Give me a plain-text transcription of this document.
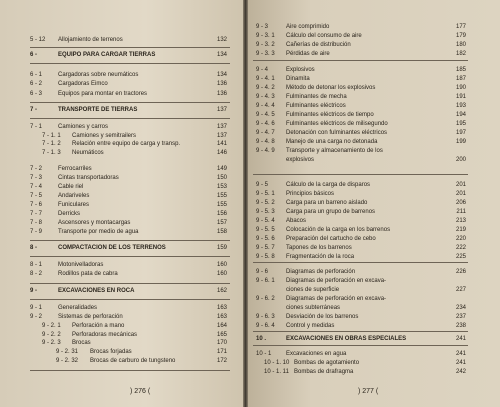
5 - 12 Allojamiento de terrenos	132
6 -	EQUIPO PARA CARGAR TIERRAS	134
6 - 1	Cargadoras sobre neumáticos	134
6 - 2	Cargadoras Eimco	136
6 - 3	Equipos para montar en tractores	136
7 -	TRANSPORTE DE TIERRAS	137
7 - 1	Camiones y carros	137
7 - 1. 1 Camiones y semitrailers	137
7 - 1. 2 Relación entre equipo de carga y transp.	141
7 - 1. 3 Neumáticos	146
7 - 2	Ferrocarriles	149
7 - 3	Cintas transportadoras	150
7 - 4	Cable riel	153
7 - 5	Andariveles	155
7 - 6	Funiculares	155
7 - 7	Derricks	156
7 - 8	Ascensores y montacargas	157
7 - 9	Transporte por medio de agua	158
8 -	COMPACTACION DE LOS TERRENOS	159
8 - 1	Motonivelladoras	160
8 - 2	Rodillos pata de cabra	160
9 -	EXCAVACIONES EN ROCA	162
9 - 1	Generalidades	163
9 - 2	Sistemas de perforación	163
9 - 2. 1 Perforación a mano	164
9 - 2. 2 Perforadoras mecánicas	165
9 - 2. 3 Brocas	170
9 - 2. 31 Brocas forjadas	171
9 - 2. 32 Brocas de carburo de tungsteno	172
) 276 (
9 - 3	Aire comprimido	177
9 - 3. 1 Cálculo del consumo de aire	179
9 - 3. 2 Cañerías de distribución	180
9 - 3. 3 Pérdidas de aire	182
9 - 4	Explosivos	185
9 - 4. 1 Dinamita	187
9 - 4. 2 Método de detonar los explosivos	190
9 - 4. 3 Fulminantes de mecha	191
9 - 4. 4 Fulminantes eléctricos	193
9 - 4. 5 Fulminantes eléctricos de tiempo	194
9 - 4. 6 Fulminantes eléctricos de milisegundo	195
9 - 4. 7 Detonación con fulminantes eléctricos	197
9 - 4. 8 Manejo de una carga no detonada	199
9 - 4. 9 Transporte y almacenamiento de los
explosivos	200
9 - 5	Cálculo de la carga de disparos	201
9 - 5. 1 Principios básicos	201
9 - 5. 2 Carga para un barreno aislado	206
9 - 5. 3 Carga para un grupo de barrenos	211
9 - 5. 4 Abacos	213
9 - 5. 5 Colocación de la carga en los barrenos	219
9 - 5. 6 Preparación del cartucho de cebo	220
9 - 5. 7 Tapones de los barrenos	222
9 - 5. 8 Fragmentación de la roca	225
9 - 6	Diagramas de perforación	226
9 - 6. 1 Diagramas de perforación en excava-
ciones de superficie	227
9 - 6. 2 Diagramas de perforación en excava-
ciones subterráneas	234
9 - 6. 3 Desviación de los barrenos	237
9 - 6. 4 Control y medidas	238
10 .	EXCAVACIONES EN OBRAS ESPECIALES	241
10 - 1 Excavaciones en agua	241
10 - 1. 10 Bombas de agotamiento	241
10 - 1. 11 Bombas de drafragma	242
) 277 (
